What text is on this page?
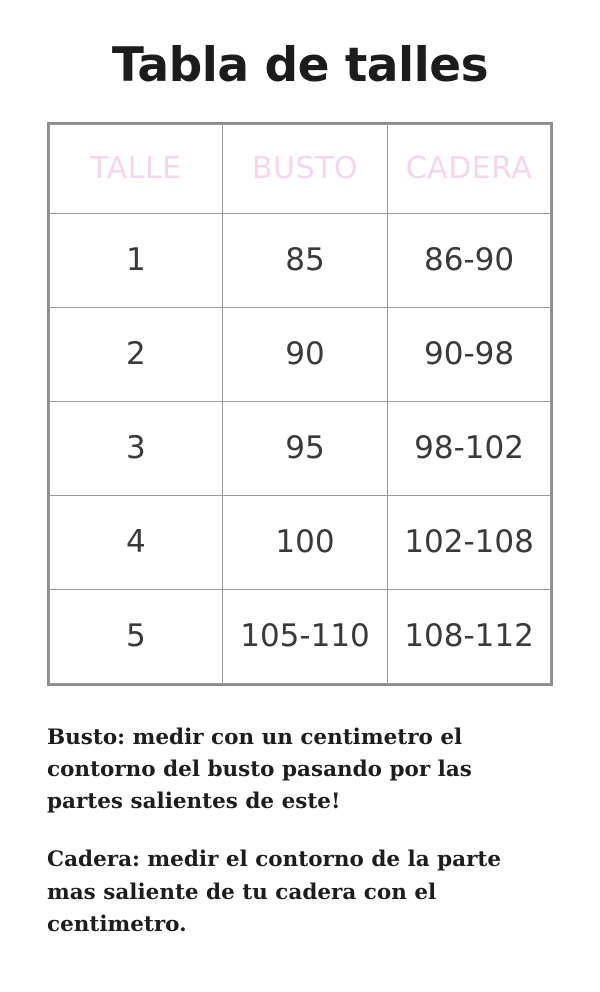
Tabla de talles
TALLE	BUSTO	CADERA
1	85	86-90
2	90	90-98
3	95	98-102
4	100	102-108
5	105-110	108-112

Busto: medir con un centimetro el contorno del busto pasando por las partes salientes de este!

Cadera: medir el contorno de la parte mas saliente de tu cadera con el centimetro.
